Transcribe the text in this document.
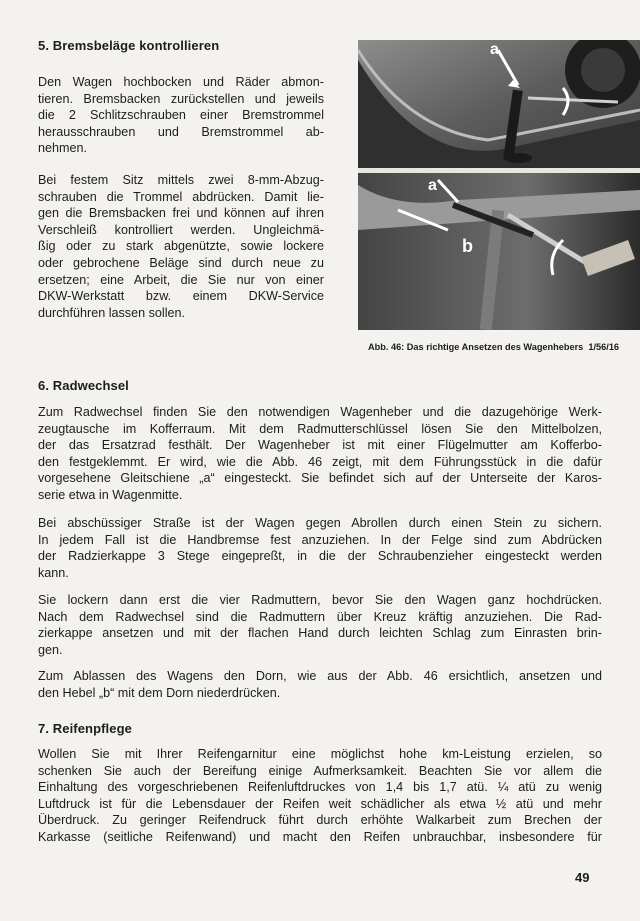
5. Bremsbeläge kontrollieren

Den Wagen hochbocken und Räder abmon-
tieren. Bremsbacken zurückstellen und jeweils
die 2 Schlitzschrauben einer Bremstrommel
herausschrauben und Bremstrommel ab-
nehmen.

Bei festem Sitz mittels zwei 8-mm-Abzug-
schrauben die Trommel abdrücken. Damit lie-
gen die Bremsbacken frei und können auf ihren
Verschleiß kontrolliert werden. Ungleichmä-
ßig oder zu stark abgenützte, sowie lockere
oder gebrochene Beläge sind durch neue zu
ersetzen; eine Arbeit, die Sie nur von einer
DKW-Werkstatt bzw. einem DKW-Service
durchführen lassen sollen.

a
a
b
Abb. 46: Das richtige Ansetzen des Wagenhebers 1/56/16
6. Radwechsel

Zum Radwechsel finden Sie den notwendigen Wagenheber und die dazugehörige Werk-
zeugtausche im Kofferraum. Mit dem Radmutterschlüssel lösen Sie den Mittelbolzen,
der das Ersatzrad festhält. Der Wagenheber ist mit einer Flügelmutter am Kofferbo-
den festgeklemmt. Er wird, wie die Abb. 46 zeigt, mit dem Führungsstück in die dafür
vorgesehene Gleitschiene „a“ eingesteckt. Sie befindet sich auf der Unterseite der Karos-
serie etwa in Wagenmitte.

Bei abschüssiger Straße ist der Wagen gegen Abrollen durch einen Stein zu sichern.
In jedem Fall ist die Handbremse fest anzuziehen. In der Felge sind zum Abdrücken
der Radzierkappe 3 Stege eingepreßt, in die der Schraubenzieher eingesteckt werden
kann.

Sie lockern dann erst die vier Radmuttern, bevor Sie den Wagen ganz hochdrücken.
Nach dem Radwechsel sind die Radmuttern über Kreuz kräftig anzuziehen. Die Rad-
zierkappe ansetzen und mit der flachen Hand durch leichten Schlag zum Einrasten brin-
gen.

Zum Ablassen des Wagens den Dorn, wie aus der Abb. 46 ersichtlich, ansetzen und
den Hebel „b“ mit dem Dorn niederdrücken.

7. Reifenpflege

Wollen Sie mit Ihrer Reifengarnitur eine möglichst hohe km-Leistung erzielen, so
schenken Sie auch der Bereifung einige Aufmerksamkeit. Beachten Sie vor allem die
Einhaltung des vorgeschriebenen Reifenluftdruckes von 1,4 bis 1,7 atü. ¼ atü zu wenig
Luftdruck ist für die Lebensdauer der Reifen weit schädlicher als etwa ½ atü und mehr
Überdruck. Zu geringer Reifendruck führt durch erhöhte Walkarbeit zum Brechen der
Karkasse (seitliche Reifenwand) und macht den Reifen unbrauchbar, insbesondere für

49
